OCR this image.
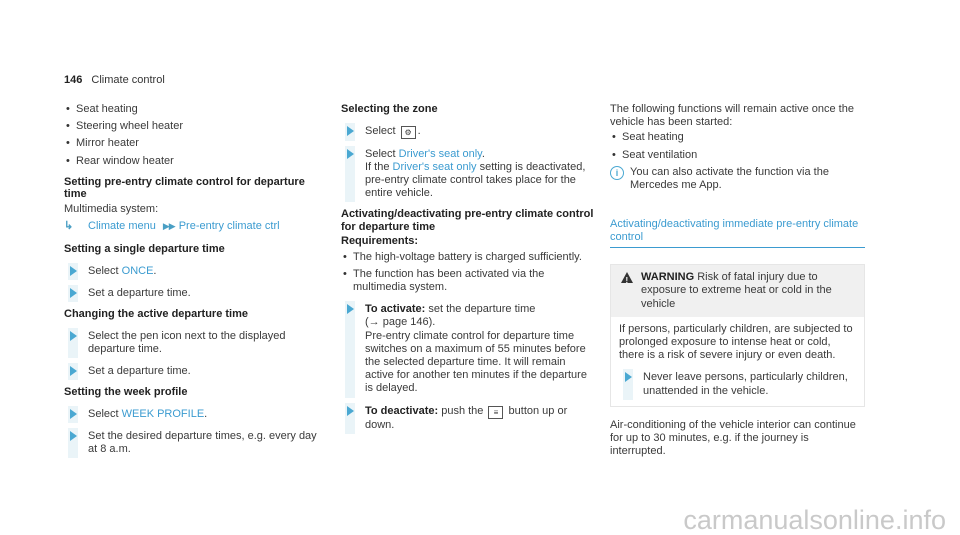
146 Climate control
• Seat heating
• Steering wheel heater
• Mirror heater
• Rear window heater
Setting pre-entry climate control for departure time
Multimedia system:
↳	Climate menu ▶▶ Pre-entry climate ctrl
Setting a single departure time
Select ONCE.
Set a departure time.
Changing the active departure time
Select the pen icon next to the displayed departure time.
Set a departure time.
Setting the week profile
Select WEEK PROFILE.
Set the desired departure times, e.g. every day at 8 a.m.
Selecting the zone
Select ⚙ .
Select Driver's seat only.
If the Driver's seat only setting is deactivated, pre-entry climate control takes place for the entire vehicle.
Activating/deactivating pre-entry climate control for departure time
Requirements:
• The high-voltage battery is charged sufficiently.
• The function has been activated via the multimedia system.
To activate: set the departure time
(→ page 146).
Pre-entry climate control for departure time switches on a maximum of 55 minutes before the selected departure time. It will remain active for another ten minutes if the departure is delayed.
To deactivate: push the ≡ button up or down.
The following functions will remain active once the vehicle has been started:
• Seat heating
• Seat ventilation
i	You can also activate the function via the Mercedes me App.
Activating/deactivating immediate pre-entry climate control
!
WARNING Risk of fatal injury due to exposure to extreme heat or cold in the vehicle
If persons, particularly children, are subjected to prolonged exposure to intense heat or cold, there is a risk of severe injury or even death.
Never leave persons, particularly children, unattended in the vehicle.
Air-conditioning of the vehicle interior can continue for up to 30 minutes, e.g. if the journey is interrupted.
carmanualsonline.info
